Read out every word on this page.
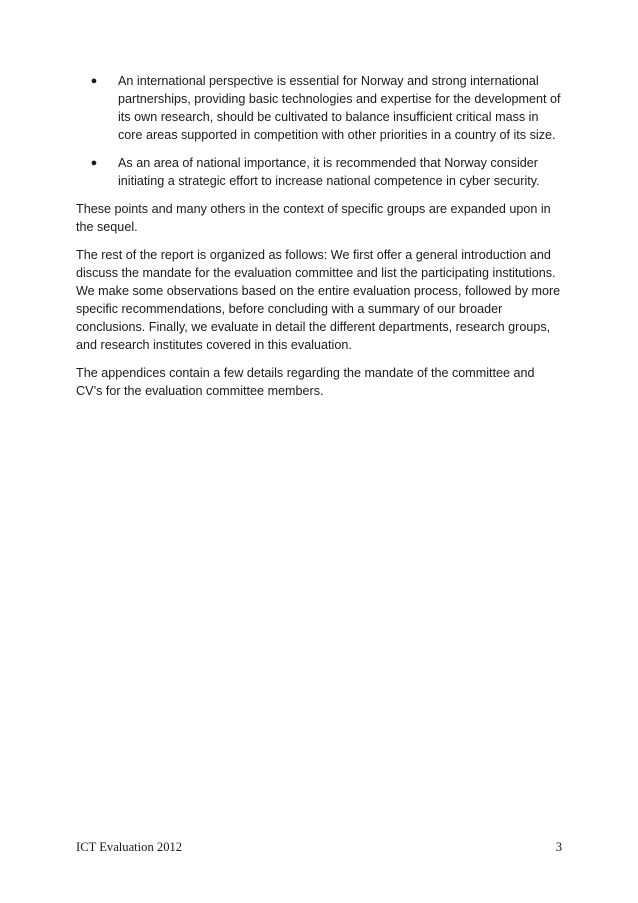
● An international perspective is essential for Norway and strong international partnerships, providing basic technologies and expertise for the development of its own research, should be cultivated to balance insufficient critical mass in core areas supported in competition with other priorities in a country of its size.
● As an area of national importance, it is recommended that Norway consider initiating a strategic effort to increase national competence in cyber security.

These points and many others in the context of specific groups are expanded upon in the sequel.

The rest of the report is organized as follows: We first offer a general introduction and discuss the mandate for the evaluation committee and list the participating institutions. We make some observations based on the entire evaluation process, followed by more specific recommendations, before concluding with a summary of our broader conclusions. Finally, we evaluate in detail the different departments, research groups, and research institutes covered in this evaluation.

The appendices contain a few details regarding the mandate of the committee and CV’s for the evaluation committee members.

ICT Evaluation 2012	3
